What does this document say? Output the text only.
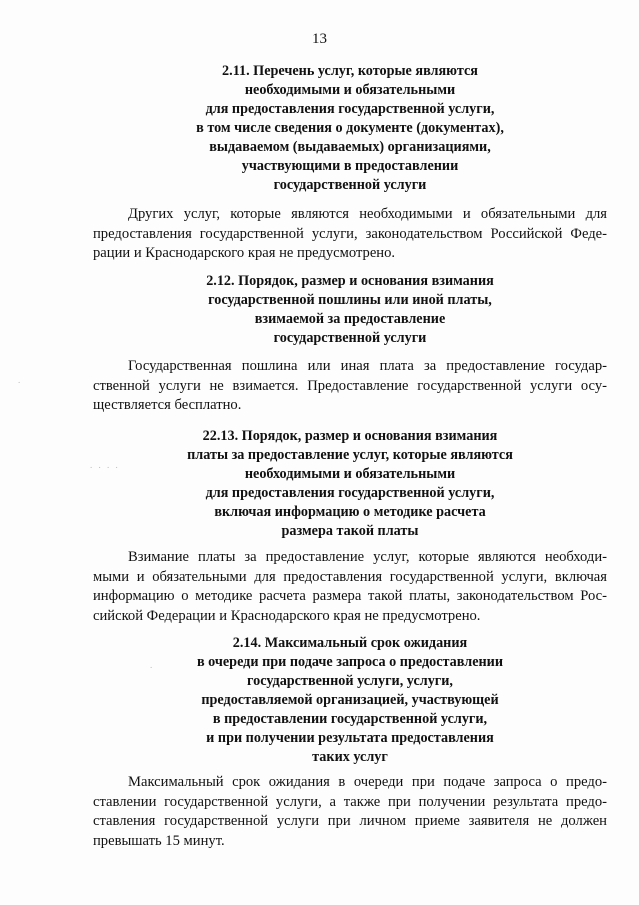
13
2.11. Перечень услуг, которые являются
необходимыми и обязательными
для предоставления государственной услуги,
в том числе сведения о документе (документах),
выдаваемом (выдаваемых) организациями,
участвующими в предоставлении
государственной услуги
Других услуг, которые являются необходимыми и обязательными для
предоставления государственной услуги, законодательством Российской Феде-
рации и Краснодарского края не предусмотрено.
2.12. Порядок, размер и основания взимания
государственной пошлины или иной платы,
взимаемой за предоставление
государственной услуги
Государственная пошлина или иная плата за предоставление государ-
ственной услуги не взимается. Предоставление государственной услуги осу-
ществляется бесплатно.
22.13. Порядок, размер и основания взимания
платы за предоставление услуг, которые являются
необходимыми и обязательными
для предоставления государственной услуги,
включая информацию о методике расчета
размера такой платы
Взимание платы за предоставление услуг, которые являются необходи-
мыми и обязательными для предоставления государственной услуги, включая
информацию о методике расчета размера такой платы, законодательством Рос-
сийской Федерации и Краснодарского края не предусмотрено.
2.14. Максимальный срок ожидания
в очереди при подаче запроса о предоставлении
государственной услуги, услуги,
предоставляемой организацией, участвующей
в предоставлении государственной услуги,
и при получении результата предоставления
таких услуг
Максимальный срок ожидания в очереди при подаче запроса о предо-
ставлении государственной услуги, а также при получении результата предо-
ставления государственной услуги при личном приеме заявителя не должен
превышать 15 минут.
. . . .
.
.
